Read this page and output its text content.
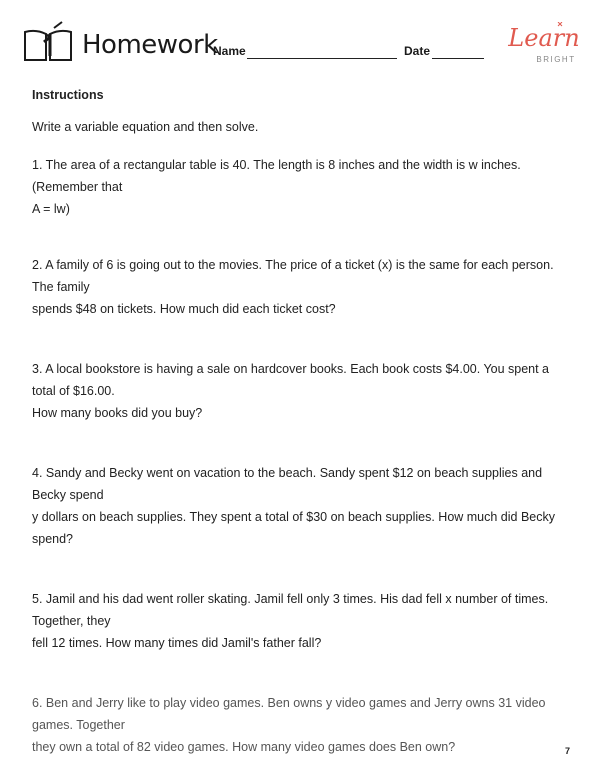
Homework
Name	Date	Learn
BRIGHT

Instructions

Write a variable equation and then solve.

1. The area of a rectangular table is 40. The length is 8 inches and the width is w inches. (Remember that
A = lw)
2. A family of 6 is going out to the movies. The price of a ticket (x) is the same for each person. The family
spends $48 on tickets. How much did each ticket cost?
3. A local bookstore is having a sale on hardcover books. Each book costs $4.00. You spent a total of $16.00.
How many books did you buy?
4. Sandy and Becky went on vacation to the beach. Sandy spent $12 on beach supplies and Becky spend
y dollars on beach supplies. They spent a total of $30 on beach supplies. How much did Becky spend?
5. Jamil and his dad went roller skating. Jamil fell only 3 times. His dad fell x number of times. Together, they
fell 12 times. How many times did Jamil's father fall?
6. Ben and Jerry like to play video games. Ben owns y video games and Jerry owns 31 video games. Together
they own a total of 82 video games. How many video games does Ben own?	7
